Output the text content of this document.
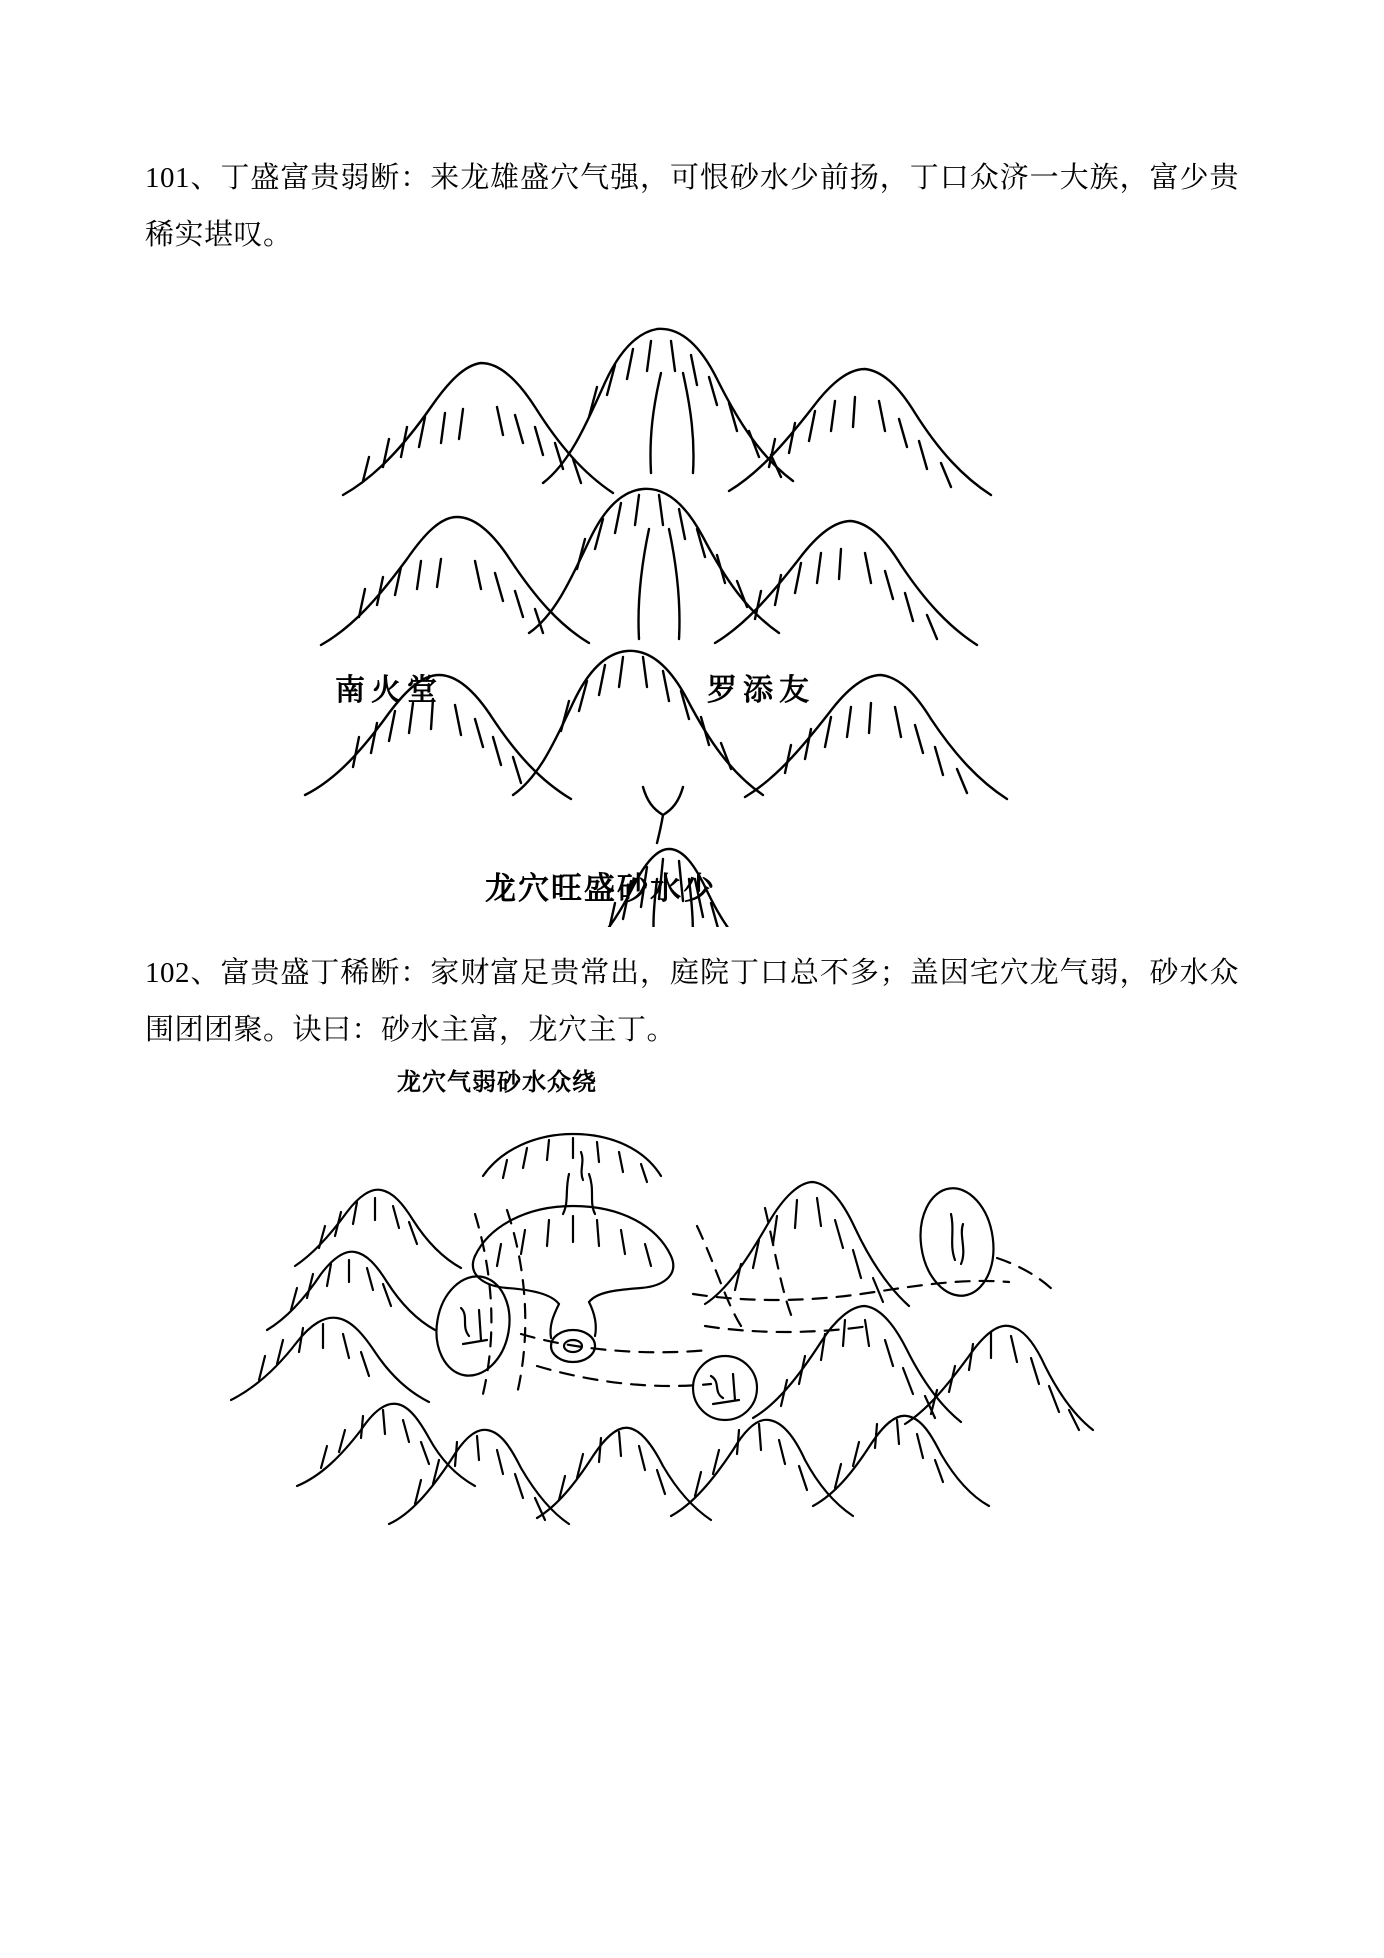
101、丁盛富贵弱断：来龙雄盛穴气强，可恨砂水少前扬，丁口众济一大族，富少贵稀实堪叹。

南火堂	罗添友
龙穴旺盛砂水少

102、富贵盛丁稀断：家财富足贵常出，庭院丁口总不多；盖因宅穴龙气弱，砂水众围团团聚。诀曰：砂水主富，龙穴主丁。

龙穴气弱砂水众绕
